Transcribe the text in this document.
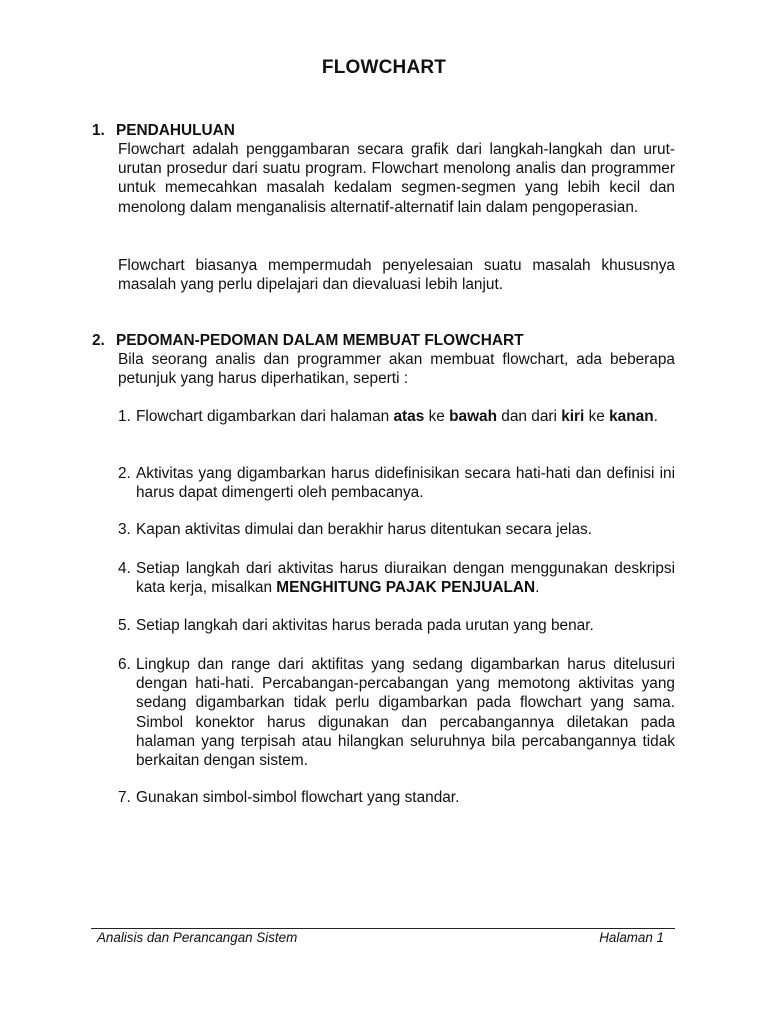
FLOWCHART
1. PENDAHULUAN

Flowchart adalah penggambaran secara grafik dari langkah-langkah dan urut-urutan prosedur dari suatu program. Flowchart menolong analis dan programmer untuk memecahkan masalah kedalam segmen-segmen yang lebih kecil dan menolong dalam menganalisis alternatif-alternatif lain dalam pengoperasian.

Flowchart biasanya mempermudah penyelesaian suatu masalah khususnya masalah yang perlu dipelajari dan dievaluasi lebih lanjut.

2. PEDOMAN-PEDOMAN DALAM MEMBUAT FLOWCHART

Bila seorang analis dan programmer akan membuat flowchart, ada beberapa petunjuk yang harus diperhatikan, seperti :

1. Flowchart digambarkan dari halaman atas ke bawah dan dari kiri ke kanan.
2. Aktivitas yang digambarkan harus didefinisikan secara hati-hati dan definisi ini harus dapat dimengerti oleh pembacanya.
3. Kapan aktivitas dimulai dan berakhir harus ditentukan secara jelas.
4. Setiap langkah dari aktivitas harus diuraikan dengan menggunakan deskripsi kata kerja, misalkan MENGHITUNG PAJAK PENJUALAN.
5. Setiap langkah dari aktivitas harus berada pada urutan yang benar.
6. Lingkup dan range dari aktifitas yang sedang digambarkan harus ditelusuri dengan hati-hati. Percabangan-percabangan yang memotong aktivitas yang sedang digambarkan tidak perlu digambarkan pada flowchart yang sama. Simbol konektor harus digunakan dan percabangannya diletakan pada halaman yang terpisah atau hilangkan seluruhnya bila percabangannya tidak berkaitan dengan sistem.
7. Gunakan simbol-simbol flowchart yang standar.
Analisis dan Perancangan Sistem	Halaman 1
